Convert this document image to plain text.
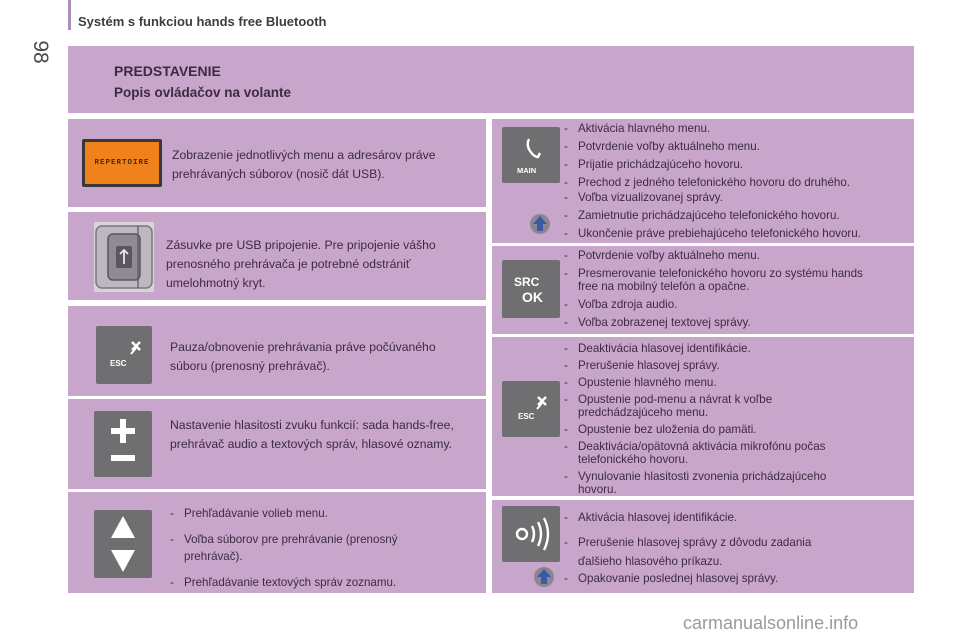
98
Systém s funkciou hands free Bluetooth
PREDSTAVENIE
Popis ovládačov na volante
REPERTOIRE
Zobrazenie jednotlivých menu a adresárov práve prehrávaných súborov (nosič dát USB).
Zásuvke pre USB pripojenie. Pre pripojenie vášho prenosného prehrávača je potrebné odstrániť umelohmotný kryt.
ESC
Pauza/obnovenie prehrávania práve počúvaného súboru (prenosný prehrávač).
Nastavenie hlasitosti zvuku funkcií: sada hands-free, prehrávač audio a textových správ, hlasové oznamy.
- Prehľadávanie volieb menu.
- Voľba súborov pre prehrávanie (prenosný prehrávač).
- Prehľadávanie textových správ zoznamu.
MAIN
- Aktivácia hlavného menu.
- Potvrdenie voľby aktuálneho menu.
- Prijatie prichádzajúceho hovoru.
- Prechod z jedného telefonického hovoru do druhého.
- Voľba vizualizovanej správy.
- Zamietnutie prichádzajúceho telefonického hovoru.
- Ukončenie práve prebiehajúceho telefonického hovoru.
SRC
OK
- Potvrdenie voľby aktuálneho menu.
- Presmerovanie telefonického hovoru zo systému hands free na mobilný telefón a opačne.
- Voľba zdroja audio.
- Voľba zobrazenej textovej správy.
ESC
- Deaktivácia hlasovej identifikácie.
- Prerušenie hlasovej správy.
- Opustenie hlavného menu.
- Opustenie pod-menu a návrat k voľbe predchádzajúceho menu.
- Opustenie bez uloženia do pamäti.
- Deaktivácia/opätovná aktivácia mikrofónu počas telefonického hovoru.
- Vynulovanie hlasitosti zvonenia prichádzajúceho hovoru.
- Aktivácia hlasovej identifikácie.
- Prerušenie hlasovej správy z dôvodu zadania ďalšieho hlasového príkazu.
- Opakovanie poslednej hlasovej správy.
carmanualsonline.info
